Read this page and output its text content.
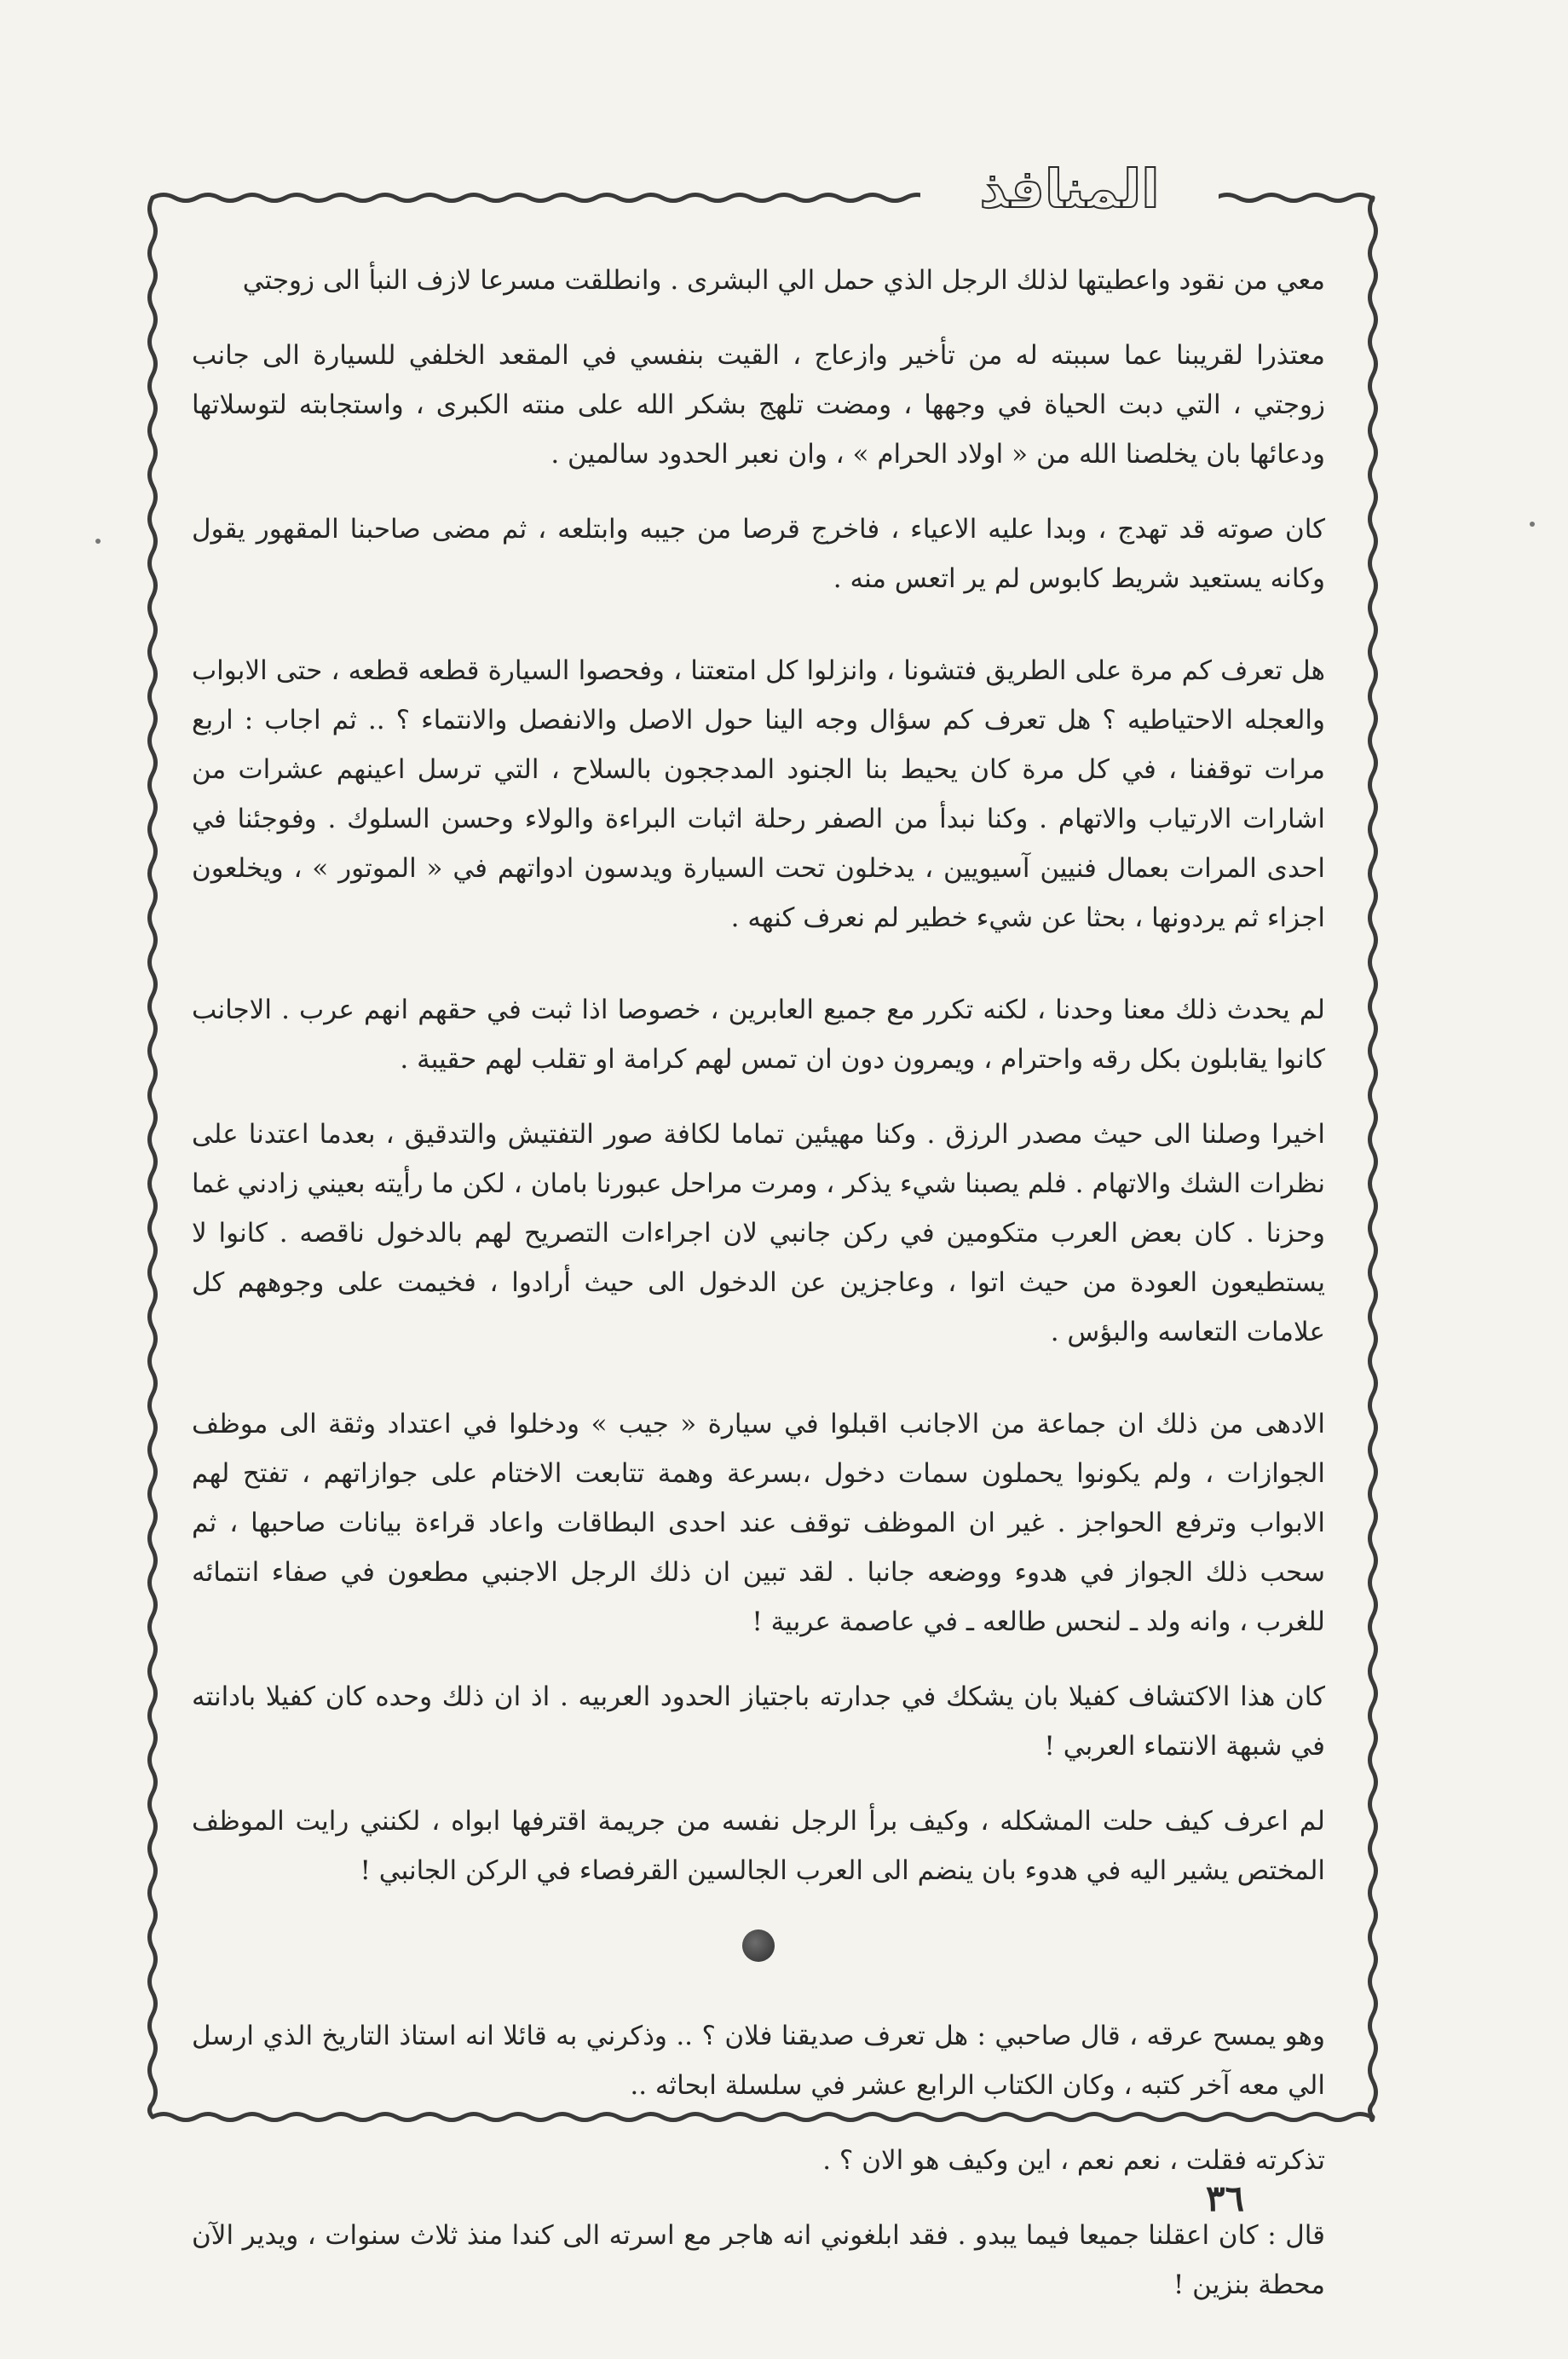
المنافذ

معي من نقود واعطيتها لذلك الرجل الذي حمل الي البشرى . وانطلقت مسرعا لازف النبأ الى زوجتي

معتذرا لقريبنا عما سببته له من تأخير وازعاج ، القيت بنفسي في المقعد الخلفي للسيارة الى جانب زوجتي ، التي دبت الحياة في وجهها ، ومضت تلهج بشكر الله على منته الكبرى ، واستجابته لتوسلاتها ودعائها بان يخلصنا الله من « اولاد الحرام » ، وان نعبر الحدود سالمين .

كان صوته قد تهدج ، وبدا عليه الاعياء ، فاخرج قرصا من جيبه وابتلعه ، ثم مضى صاحبنا المقهور يقول وكانه يستعيد شريط كابوس لم ير اتعس منه .

هل تعرف كم مرة على الطريق فتشونا ، وانزلوا كل امتعتنا ، وفحصوا السيارة قطعه قطعه ، حتى الابواب والعجله الاحتياطيه ؟ هل تعرف كم سؤال وجه الينا حول الاصل والانفصل والانتماء ؟ .. ثم اجاب : اربع مرات توقفنا ، في كل مرة كان يحيط بنا الجنود المدججون بالسلاح ، التي ترسل اعينهم عشرات من اشارات الارتياب والاتهام . وكنا نبدأ من الصفر رحلة اثبات البراءة والولاء وحسن السلوك . وفوجئنا في احدى المرات بعمال فنيين آسيويين ، يدخلون تحت السيارة ويدسون ادواتهم في « الموتور » ، ويخلعون اجزاء ثم يردونها ، بحثا عن شيء خطير لم نعرف كنهه .

لم يحدث ذلك معنا وحدنا ، لكنه تكرر مع جميع العابرين ، خصوصا اذا ثبت في حقهم انهم عرب . الاجانب كانوا يقابلون بكل رقه واحترام ، ويمرون دون ان تمس لهم كرامة او تقلب لهم حقيبة .

اخيرا وصلنا الى حيث مصدر الرزق . وكنا مهيئين تماما لكافة صور التفتيش والتدقيق ، بعدما اعتدنا على نظرات الشك والاتهام . فلم يصبنا شيء يذكر ، ومرت مراحل عبورنا بامان ، لكن ما رأيته بعيني زادني غما وحزنا . كان بعض العرب متكومين في ركن جانبي لان اجراءات التصريح لهم بالدخول ناقصه . كانوا لا يستطيعون العودة من حيث اتوا ، وعاجزين عن الدخول الى حيث أرادوا ، فخيمت على وجوههم كل علامات التعاسه والبؤس .

الادهى من ذلك ان جماعة من الاجانب اقبلوا في سيارة « جيب » ودخلوا في اعتداد وثقة الى موظف الجوازات ، ولم يكونوا يحملون سمات دخول ،بسرعة وهمة تتابعت الاختام على جوازاتهم ، تفتح لهم الابواب وترفع الحواجز . غير ان الموظف توقف عند احدى البطاقات واعاد قراءة بيانات صاحبها ، ثم سحب ذلك الجواز في هدوء ووضعه جانبا . لقد تبين ان ذلك الرجل الاجنبي مطعون في صفاء انتمائه للغرب ، وانه ولد ـ لنحس طالعه ـ في عاصمة عربية !

كان هذا الاكتشاف كفيلا بان يشكك في جدارته باجتياز الحدود العربيه . اذ ان ذلك وحده كان كفيلا بادانته في شبهة الانتماء العربي !

لم اعرف كيف حلت المشكله ، وكيف برأ الرجل نفسه من جريمة اقترفها ابواه ، لكنني رايت الموظف المختص يشير اليه في هدوء بان ينضم الى العرب الجالسين القرفصاء في الركن الجانبي !

وهو يمسح عرقه ، قال صاحبي : هل تعرف صديقنا فلان ؟ .. وذكرني به قائلا انه استاذ التاريخ الذي ارسل الي معه آخر كتبه ، وكان الكتاب الرابع عشر في سلسلة ابحاثه ..

تذكرته فقلت ، نعم نعم ، اين وكيف هو الان ؟ .

قال : كان اعقلنا جميعا فيما يبدو . فقد ابلغوني انه هاجر مع اسرته الى كندا منذ ثلاث سنوات ، ويدير الآن محطة بنزين !

٣٦
